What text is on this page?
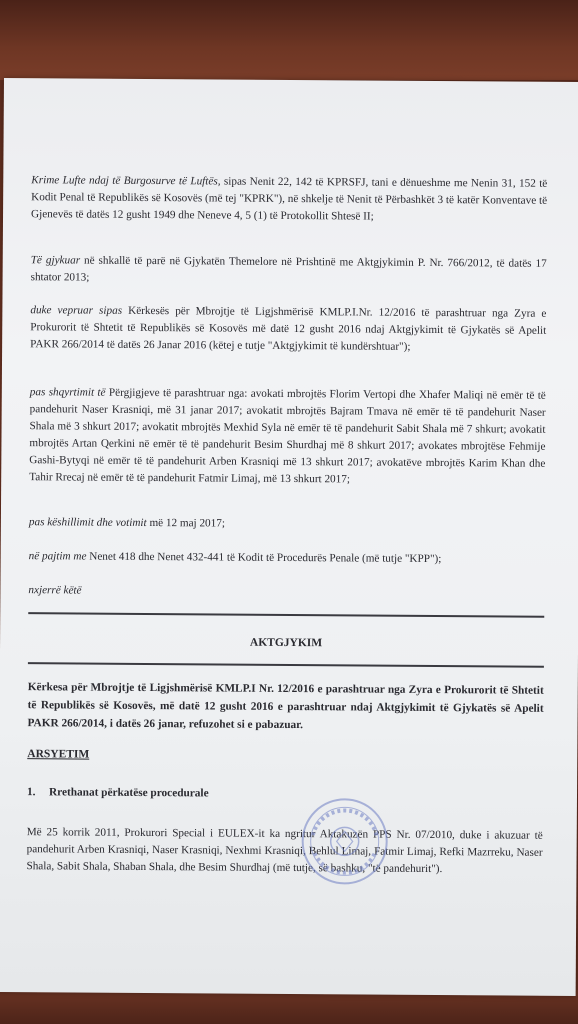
Krime Lufte ndaj të Burgosurve të Luftës, sipas Nenit 22, 142 të KPRSFJ, tani e dënueshme me Nenin 31, 152 të Kodit Penal të Republikës së Kosovës (më tej "KPRK"), në shkelje të Nenit të Përbashkët 3 të katër Konventave të Gjenevës të datës 12 gusht 1949 dhe Neneve 4, 5 (1) të Protokollit Shtesë II;

Të gjykuar në shkallë të parë në Gjykatën Themelore në Prishtinë me Aktgjykimin P. Nr. 766/2012, të datës 17 shtator 2013;

duke vepruar sipas Kërkesës për Mbrojtje të Ligjshmërisë KMLP.I.Nr. 12/2016 të parashtruar nga Zyra e Prokurorit të Shtetit të Republikës së Kosovës më datë 12 gusht 2016 ndaj Aktgjykimit të Gjykatës së Apelit PAKR 266/2014 të datës 26 Janar 2016 (këtej e tutje "Aktgjykimit të kundërshtuar");

pas shqyrtimit të Përgjigjeve të parashtruar nga: avokati mbrojtës Florim Vertopi dhe Xhafer Maliqi në emër të të pandehurit Naser Krasniqi, më 31 janar 2017; avokatit mbrojtës Bajram Tmava në emër të të pandehurit Naser Shala më 3 shkurt 2017; avokatit mbrojtës Mexhid Syla në emër të të pandehurit Sabit Shala më 7 shkurt; avokatit mbrojtës Artan Qerkini në emër të të pandehurit Besim Shurdhaj më 8 shkurt 2017; avokates mbrojtëse Fehmije Gashi-Bytyqi në emër të të pandehurit Arben Krasniqi më 13 shkurt 2017; avokatëve mbrojtës Karim Khan dhe Tahir Rrecaj në emër të të pandehurit Fatmir Limaj, më 13 shkurt 2017;

pas këshillimit dhe votimit më 12 maj 2017;

në pajtim me Nenet 418 dhe Nenet 432-441 të Kodit të Procedurës Penale (më tutje "KPP");

nxjerrë këtë

AKTGJYKIM

Kërkesa për Mbrojtje të Ligjshmërisë KMLP.I Nr. 12/2016 e parashtruar nga Zyra e Prokurorit të Shtetit të Republikës së Kosovës, më datë 12 gusht 2016 e parashtruar ndaj Aktgjykimit të Gjykatës së Apelit PAKR 266/2014, i datës 26 janar, refuzohet si e pabazuar.

ARSYETIM
1. Rrethanat përkatëse procedurale

Më 25 korrik 2011, Prokurori Special i EULEX-it ka ngritur Aktakuzën PPS Nr. 07/2010, duke i akuzuar të pandehurit Arben Krasniqi, Naser Krasniqi, Nexhmi Krasniqi, Behlul Limaj, Fatmir Limaj, Refki Mazrreku, Naser Shala, Sabit Shala, Shaban Shala, dhe Besim Shurdhaj (më tutje, së bashku, "të pandehurit").
